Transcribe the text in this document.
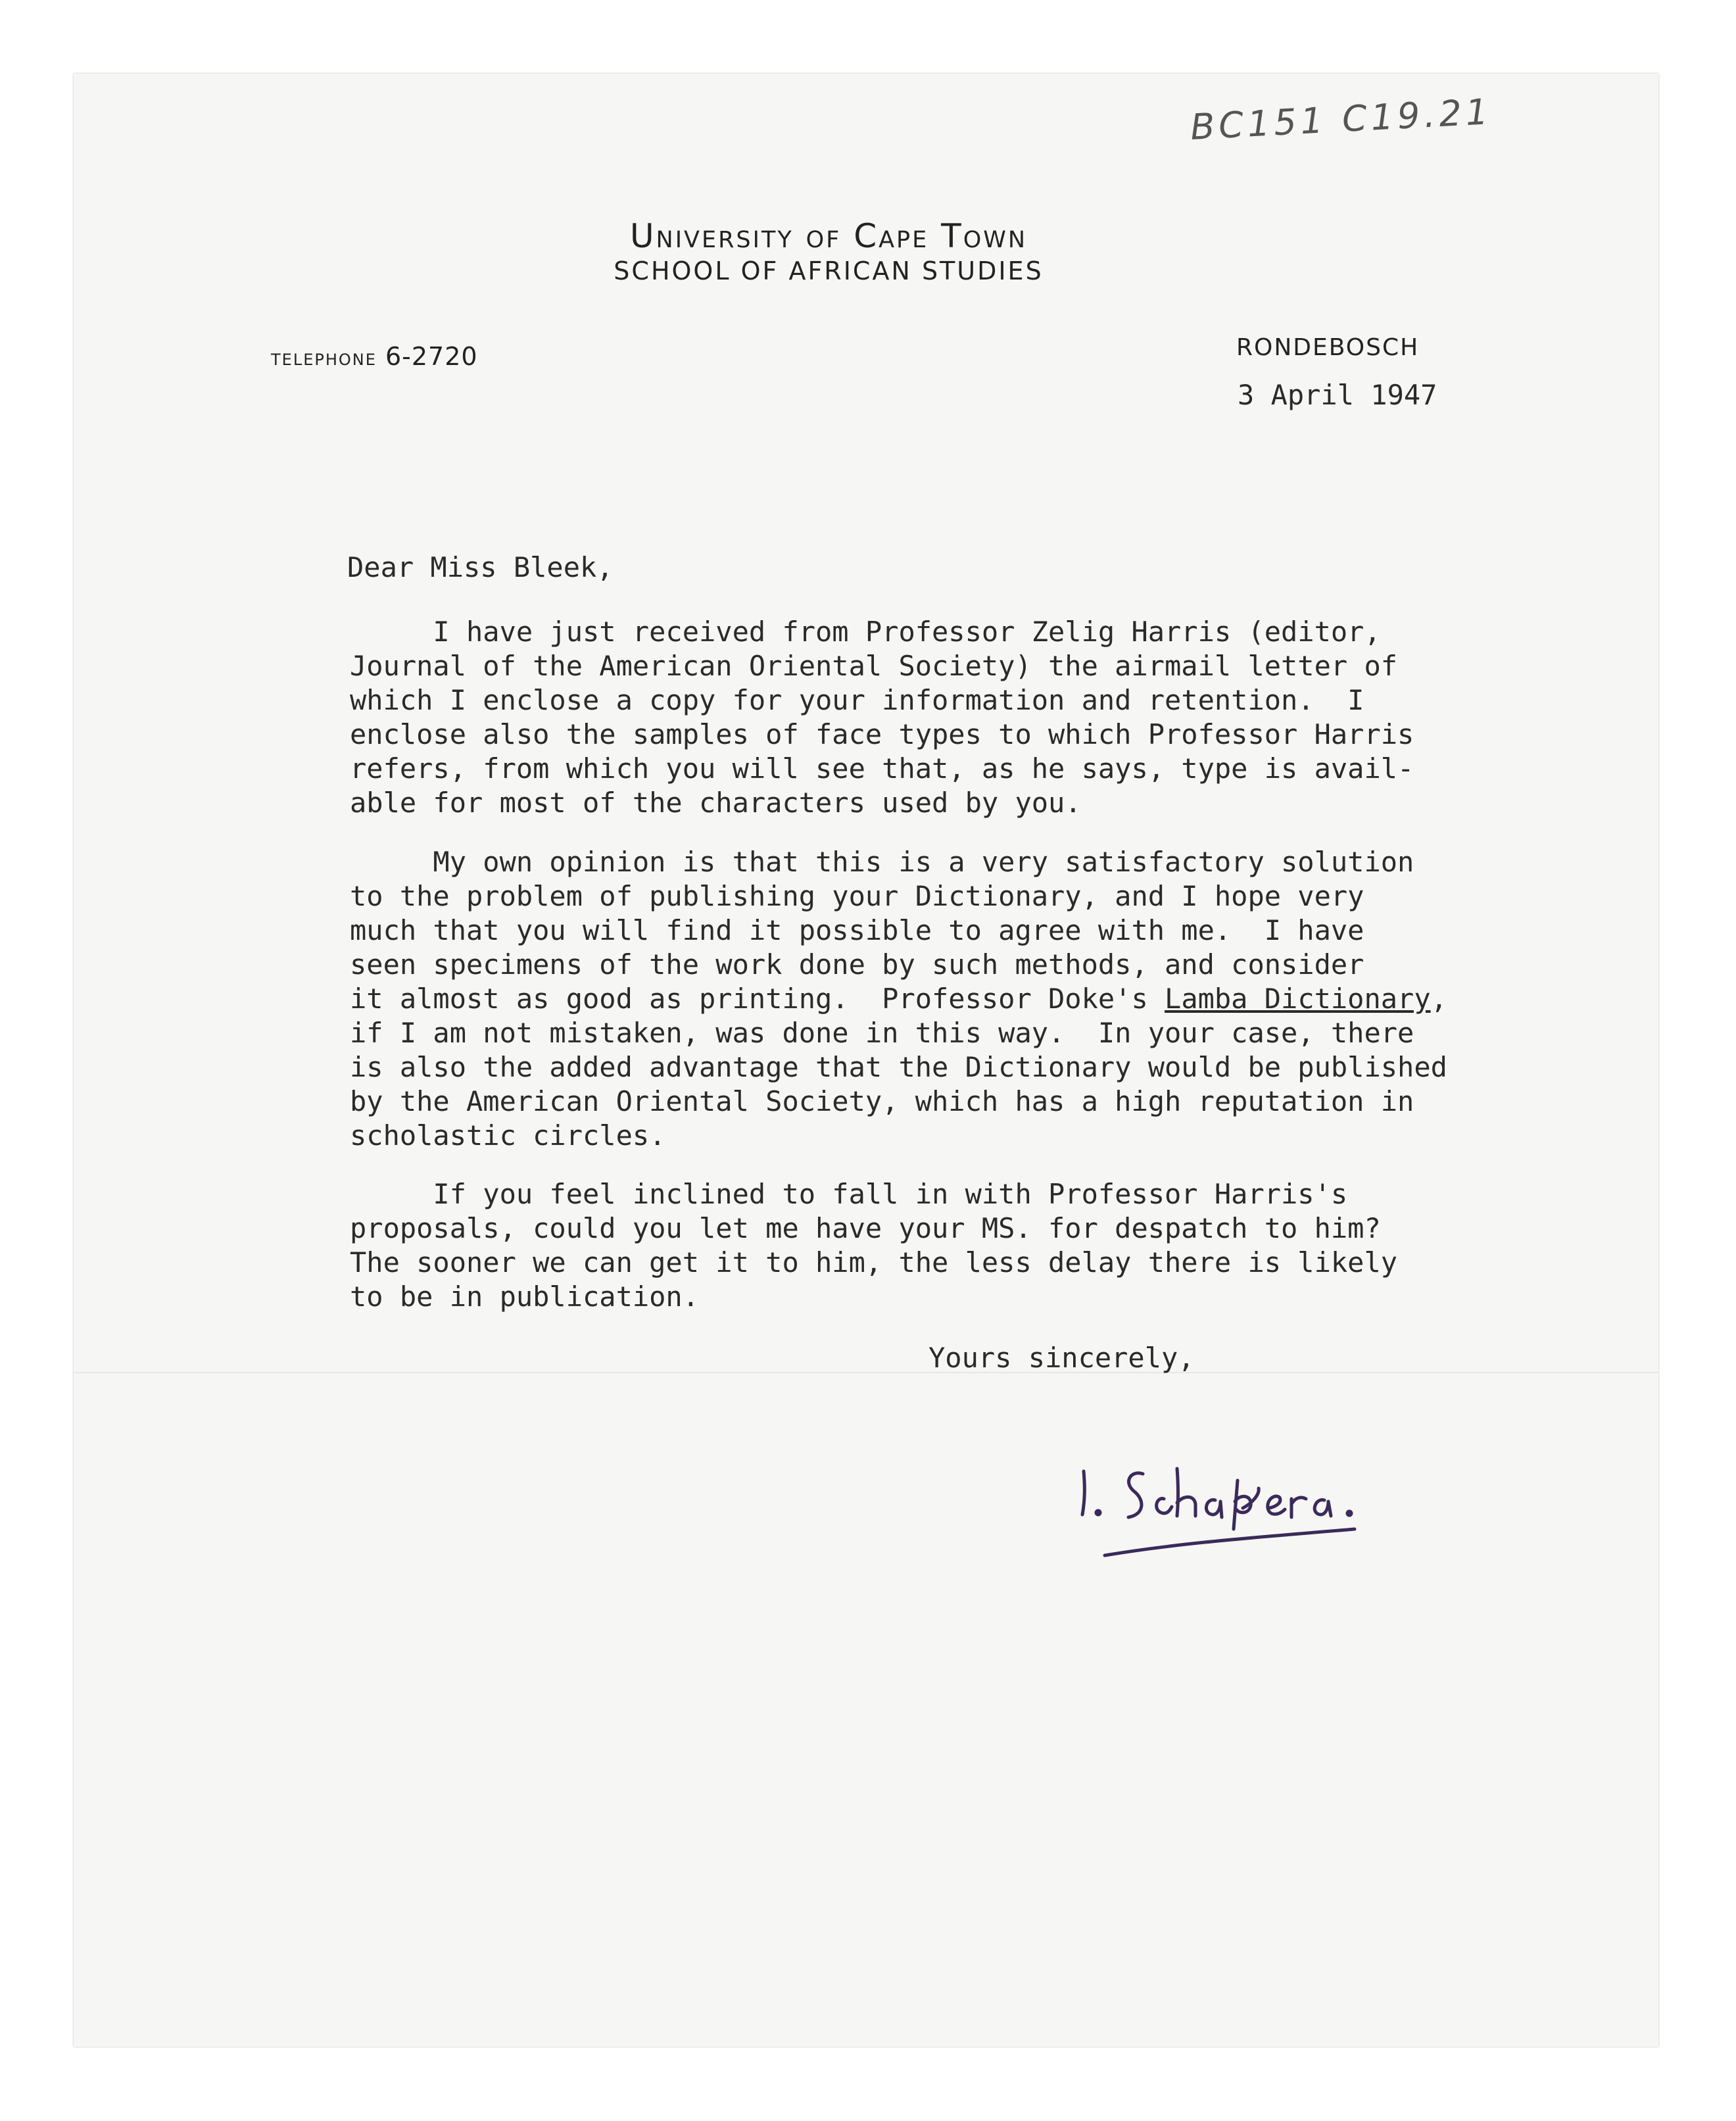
BC151 C19.21
University of Cape Town
SCHOOL OF AFRICAN STUDIES
TELEPHONE 6-2720	RONDEBOSCH
3 April 1947
Dear Miss Bleek,
I have just received from Professor Zelig Harris (editor,
Journal of the American Oriental Society) the airmail letter of
which I enclose a copy for your information and retention.  I
enclose also the samples of face types to which Professor Harris
refers, from which you will see that, as he says, type is avail-
able for most of the characters used by you.
My own opinion is that this is a very satisfactory solution
to the problem of publishing your Dictionary, and I hope very
much that you will find it possible to agree with me.  I have
seen specimens of the work done by such methods, and consider
it almost as good as printing.  Professor Doke's Lamba Dictionary,
if I am not mistaken, was done in this way.  In your case, there
is also the added advantage that the Dictionary would be published
by the American Oriental Society, which has a high reputation in
scholastic circles.
If you feel inclined to fall in with Professor Harris's
proposals, could you let me have your MS. for despatch to him?
The sooner we can get it to him, the less delay there is likely
to be in publication.
Yours sincerely,
I. Schapera.
